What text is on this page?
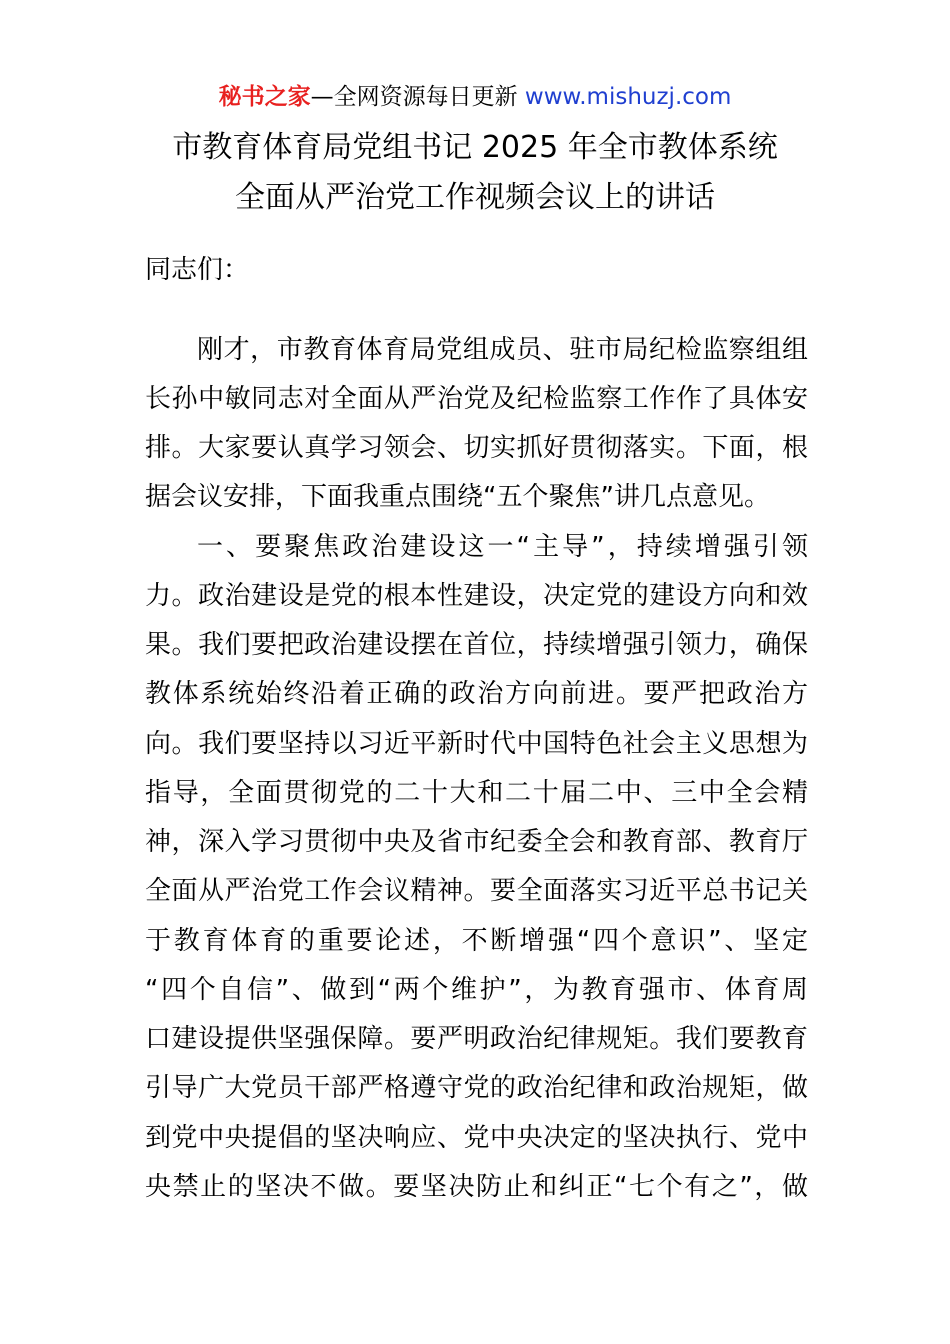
秘书之家—全网资源每日更新 www.mishuzj.com
市教育体育局党组书记 2025 年全市教体系统
全面从严治党工作视频会议上的讲话
同志们：
刚才，市教育体育局党组成员、驻市局纪检监察组组
长孙中敏同志对全面从严治党及纪检监察工作作了具体安
排。大家要认真学习领会、切实抓好贯彻落实。下面，根
据会议安排，下面我重点围绕“五个聚焦”讲几点意见。
一、要聚焦政治建设这一“主导”，持续增强引领
力。政治建设是党的根本性建设，决定党的建设方向和效
果。我们要把政治建设摆在首位，持续增强引领力，确保
教体系统始终沿着正确的政治方向前进。要严把政治方
向。我们要坚持以习近平新时代中国特色社会主义思想为
指导，全面贯彻党的二十大和二十届二中、三中全会精
神，深入学习贯彻中央及省市纪委全会和教育部、教育厅
全面从严治党工作会议精神。要全面落实习近平总书记关
于教育体育的重要论述，不断增强“四个意识”、坚定
“四个自信”、做到“两个维护”，为教育强市、体育周
口建设提供坚强保障。要严明政治纪律规矩。我们要教育
引导广大党员干部严格遵守党的政治纪律和政治规矩，做
到党中央提倡的坚决响应、党中央决定的坚决执行、党中
央禁止的坚决不做。要坚决防止和纠正“七个有之”，做
